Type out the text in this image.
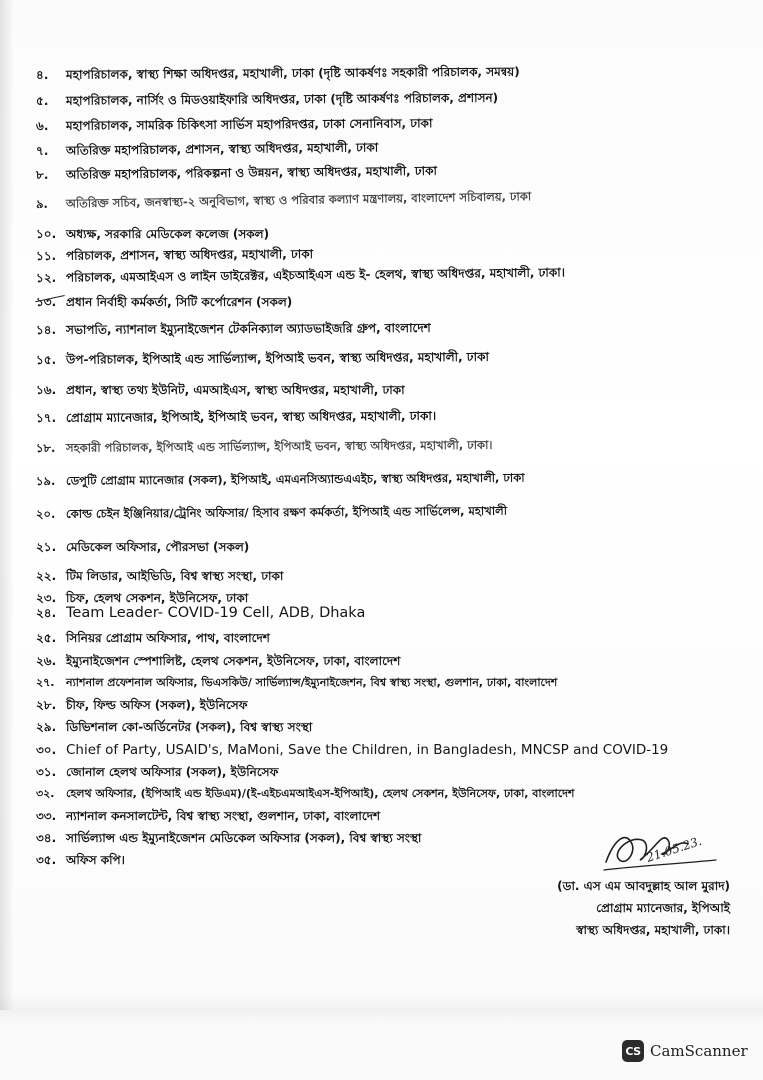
৪. মহাপরিচালক, স্বাস্থ্য শিক্ষা অধিদপ্তর, মহাখালী, ঢাকা (দৃষ্টি আকর্ষণঃ সহকারী পরিচালক, সমন্বয়)
৫. মহাপরিচালক, নার্সিং ও মিডওয়াইফারি অধিদপ্তর, ঢাকা (দৃষ্টি আকর্ষণঃ পরিচালক, প্রশাসন)
৬. মহাপরিচালক, সামরিক চিকিৎসা সার্ভিস মহাপরিদপ্তর, ঢাকা সেনানিবাস, ঢাকা
৭. অতিরিক্ত মহাপরিচালক, প্রশাসন, স্বাস্থ্য অধিদপ্তর, মহাখালী, ঢাকা
৮. অতিরিক্ত মহাপরিচালক, পরিকল্পনা ও উন্নয়ন, স্বাস্থ্য অধিদপ্তর, মহাখালী, ঢাকা
৯. অতিরিক্ত সচিব, জনস্বাস্থ্য-২ অনুবিভাগ, স্বাস্থ্য ও পরিবার কল্যাণ মন্ত্রণালয়, বাংলাদেশ সচিবালয়, ঢাকা
১০. অধ্যক্ষ, সরকারি মেডিকেল কলেজ (সকল)
১১. পরিচালক, প্রশাসন, স্বাস্থ্য অধিদপ্তর, মহাখালী, ঢাকা
১২. পরিচালক, এমআইএস ও লাইন ডাইরেক্টর, এইচআইএস এন্ড ই- হেলথ, স্বাস্থ্য অধিদপ্তর, মহাখালী, ঢাকা।
১৩. প্রধান নির্বাহী কর্মকর্তা, সিটি কর্পোরেশন (সকল)
১৪. সভাপতি, ন্যাশনাল ইম্যুনাইজেশন টেকনিক্যাল অ্যাডভাইজরি গ্রুপ, বাংলাদেশ
১৫. উপ-পরিচালক, ইপিআই এন্ড সার্ভিল্যান্স, ইপিআই ভবন, স্বাস্থ্য অধিদপ্তর, মহাখালী, ঢাকা
১৬. প্রধান, স্বাস্থ্য তথ্য ইউনিট, এমআইএস, স্বাস্থ্য অধিদপ্তর, মহাখালী, ঢাকা
১৭. প্রোগ্রাম ম্যানেজার, ইপিআই, ইপিআই ভবন, স্বাস্থ্য অধিদপ্তর, মহাখালী, ঢাকা।
১৮. সহকারী পরিচালক, ইপিআই এন্ড সার্ভিল্যান্স, ইপিআই ভবন, স্বাস্থ্য অধিদপ্তর, মহাখালী, ঢাকা।
১৯. ডেপুটি প্রোগ্রাম ম্যানেজার (সকল), ইপিআই, এমএনসিঅ্যান্ডএএইচ, স্বাস্থ্য অধিদপ্তর, মহাখালী, ঢাকা
২০. কোল্ড চেইন ইঞ্জিনিয়ার/ট্রেনিং অফিসার/ হিসাব রক্ষণ কর্মকর্তা, ইপিআই এন্ড সার্ভিলেন্স, মহাখালী
২১. মেডিকেল অফিসার, পৌরসভা (সকল)
২২. টিম লিডার, আইভিডি, বিশ্ব স্বাস্থ্য সংস্থা, ঢাকা
২৩. চিফ, হেলথ সেকশন, ইউনিসেফ, ঢাকা
২৪. Team Leader- COVID-19 Cell, ADB, Dhaka
২৫. সিনিয়র প্রোগ্রাম অফিসার, পাথ, বাংলাদেশ
২৬. ইম্যুনাইজেশন স্পেশালিষ্ট, হেলথ সেকশন, ইউনিসেফ, ঢাকা, বাংলাদেশ
২৭. ন্যাশনাল প্রফেশনাল অফিসার, ভিএসকিউ/ সার্ভিল্যান্স/ইম্যুনাইজেশন, বিশ্ব স্বাস্থ্য সংস্থা, গুলশান, ঢাকা, বাংলাদেশ
২৮. চীফ, ফিল্ড অফিস (সকল), ইউনিসেফ
২৯. ডিভিশনাল কো-অর্ডিনেটর (সকল), বিশ্ব স্বাস্থ্য সংস্থা
৩০. Chief of Party, USAID's, MaMoni, Save the Children, in Bangladesh, MNCSP and COVID-19
৩১. জোনাল হেলথ অফিসার (সকল), ইউনিসেফ
৩২. হেলথ অফিসার, (ইপিআই এন্ড ইডিএম)/(ই-এইচএমআইএস-ইপিআই), হেলথ সেকশন, ইউনিসেফ, ঢাকা, বাংলাদেশ
৩৩. ন্যাশনাল কনসালটেন্ট, বিশ্ব স্বাস্থ্য সংস্থা, গুলশান, ঢাকা, বাংলাদেশ
৩৪. সার্ভিল্যান্স এন্ড ইম্যুনাইজেশন মেডিকেল অফিসার (সকল), বিশ্ব স্বাস্থ্য সংস্থা
৩৫. অফিস কপি।	21.05.23.
(ডা. এস এম আবদুল্লাহ আল মুরাদ)
প্রোগ্রাম ম্যানেজার, ইপিআই
স্বাস্থ্য অধিদপ্তর, মহাখালী, ঢাকা।
CS CamScanner
